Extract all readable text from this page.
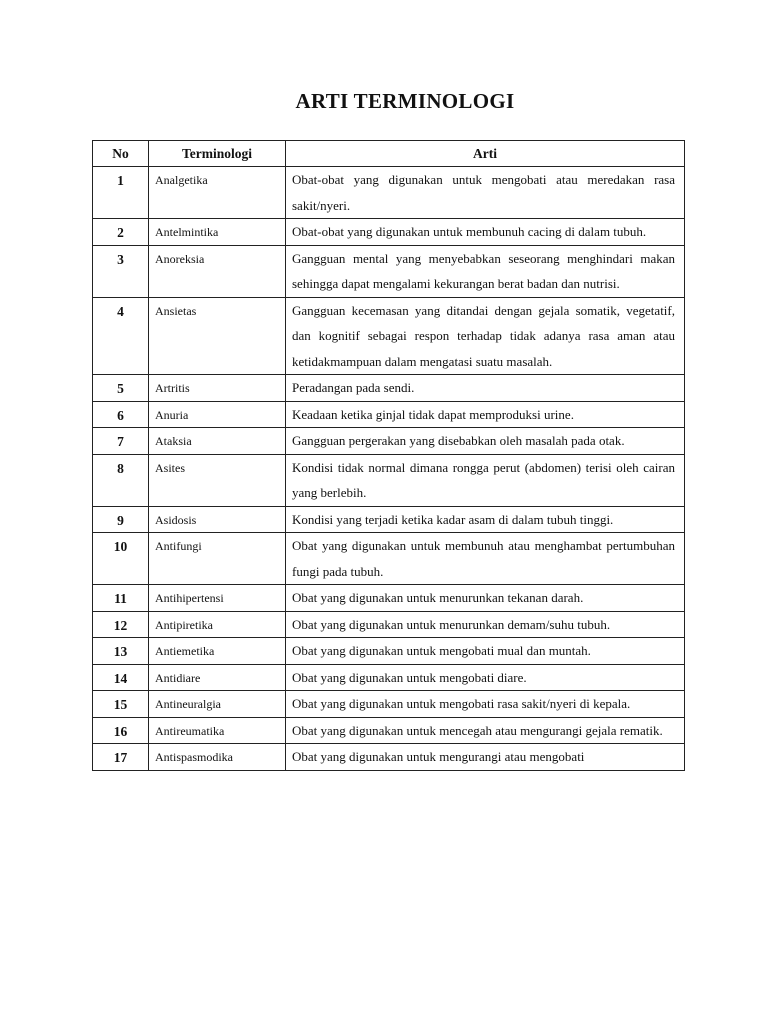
ARTI TERMINOLOGI
No	Terminologi	Arti
1	Analgetika	Obat-obat yang digunakan untuk mengobati atau meredakan rasa sakit/nyeri.
2	Antelmintika	Obat-obat yang digunakan untuk membunuh cacing di dalam tubuh.
3	Anoreksia	Gangguan mental yang menyebabkan seseorang menghindari makan sehingga dapat mengalami kekurangan berat badan dan nutrisi.
4	Ansietas	Gangguan kecemasan yang ditandai dengan gejala somatik, vegetatif, dan kognitif sebagai respon terhadap tidak adanya rasa aman atau ketidakmampuan dalam mengatasi suatu masalah.
5	Artritis	Peradangan pada sendi.
6	Anuria	Keadaan ketika ginjal tidak dapat memproduksi urine.
7	Ataksia	Gangguan pergerakan yang disebabkan oleh masalah pada otak.
8	Asites	Kondisi tidak normal dimana rongga perut (abdomen) terisi oleh cairan yang berlebih.
9	Asidosis	Kondisi yang terjadi ketika kadar asam di dalam tubuh tinggi.
10	Antifungi	Obat yang digunakan untuk membunuh atau menghambat pertumbuhan fungi pada tubuh.
11	Antihipertensi	Obat yang digunakan untuk menurunkan tekanan darah.
12	Antipiretika	Obat yang digunakan untuk menurunkan demam/suhu tubuh.
13	Antiemetika	Obat yang digunakan untuk mengobati mual dan muntah.
14	Antidiare	Obat yang digunakan untuk mengobati diare.
15	Antineuralgia	Obat yang digunakan untuk mengobati rasa sakit/nyeri di kepala.
16	Antireumatika	Obat yang digunakan untuk mencegah atau mengurangi gejala rematik.
17	Antispasmodika	Obat yang digunakan untuk mengurangi atau mengobati
